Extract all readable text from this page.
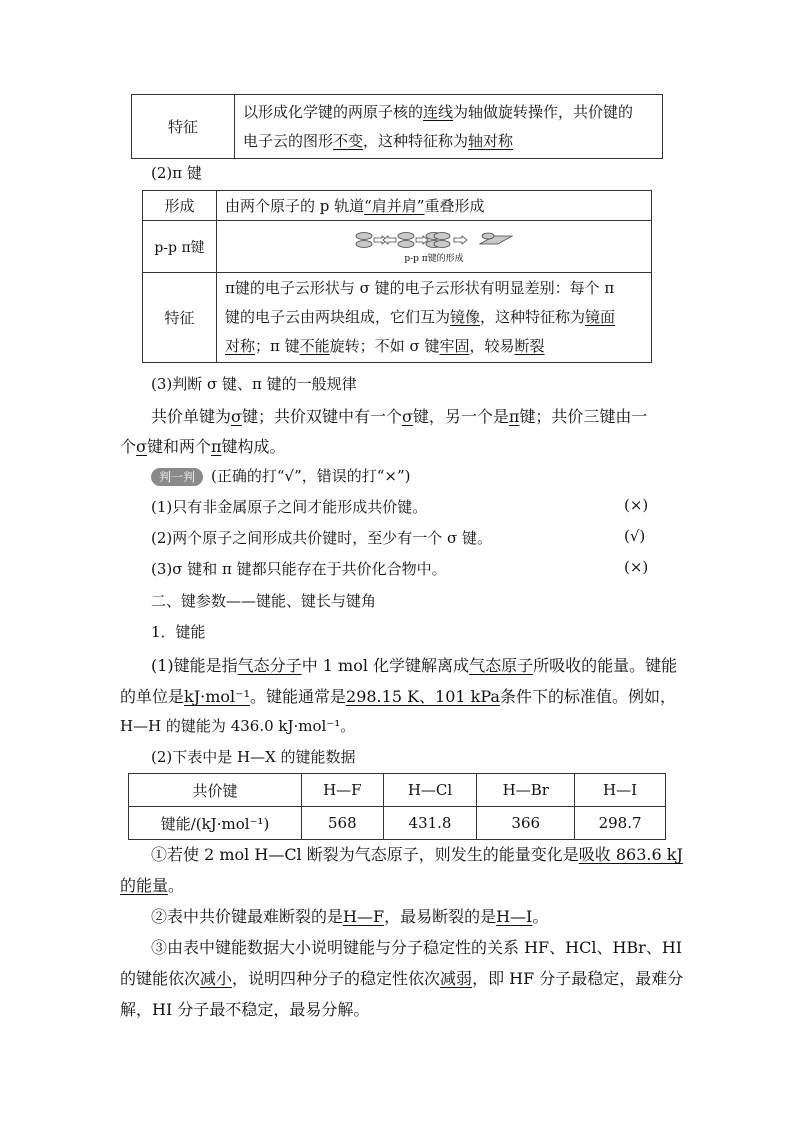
特征	以形成化学键的两原子核的连线为轴做旋转操作，共价键的
电子云的图形不变，这种特征称为轴对称
(2)π 键
形成	由两个原子的 p 轨道“肩并肩”重叠形成
p-p π键	p-p π键的形成

特征	π键的电子云形状与 σ 键的电子云形状有明显差别：每个 π
键的电子云由两块组成，它们互为镜像，这种特征称为镜面
对称；π 键不能旋转；不如 σ 键牢固，较易断裂
(3)判断 σ 键、π 键的一般规律
共价单键为σ键；共价双键中有一个σ键，另一个是π键；共价三键由一
个σ键和两个π键构成。
判一判 (正确的打“√”，错误的打“×”)
(1)只有非金属原子之间才能形成共价键。	(×)
(2)两个原子之间形成共价键时，至少有一个 σ 键。	(√)
(3)σ 键和 π 键都只能存在于共价化合物中。	(×)
二、键参数——键能、键长与键角
1．键能
(1)键能是指气态分子中 1 mol 化学键解离成气态原子所吸收的能量。键能
的单位是kJ·mol⁻¹。键能通常是298.15 K、101 kPa条件下的标准值。例如，
H—H 的键能为 436.0 kJ·mol⁻¹。
(2)下表中是 H—X 的键能数据
共价键	H—F	H—Cl	H—Br	H—I
键能/(kJ·mol⁻¹)	568	431.8	366	298.7
①若使 2 mol H—Cl 断裂为气态原子，则发生的能量变化是吸收 863.6 kJ
的能量。
②表中共价键最难断裂的是H—F，最易断裂的是H—I。
③由表中键能数据大小说明键能与分子稳定性的关系 HF、HCl、HBr、HI
的键能依次减小，说明四种分子的稳定性依次减弱，即 HF 分子最稳定，最难分
解，HI 分子最不稳定，最易分解。
